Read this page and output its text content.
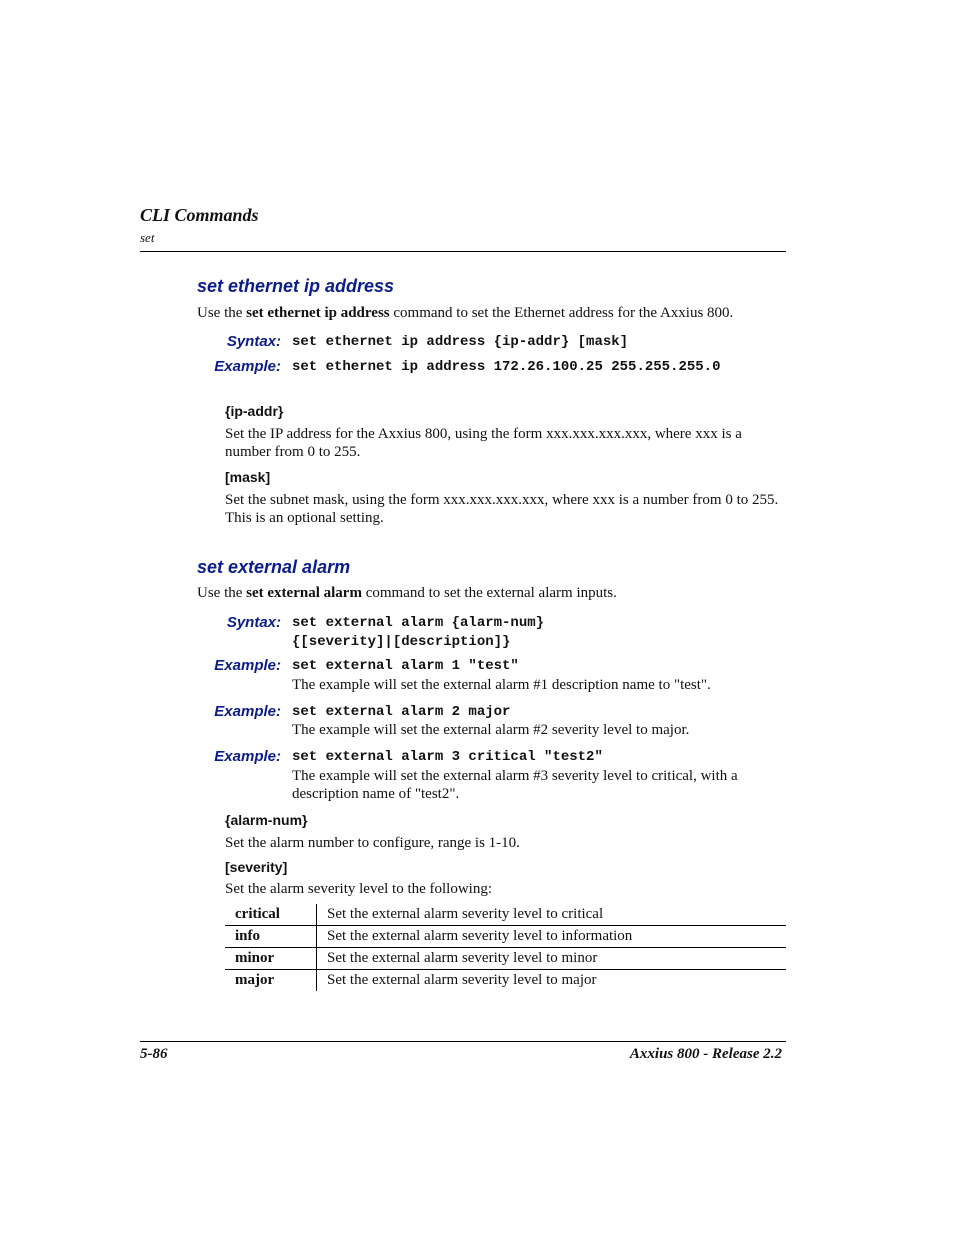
CLI Commands
set
set ethernet ip address
Use the set ethernet ip address command to set the Ethernet address for the Axxius 800.
Syntax: set ethernet ip address {ip-addr} [mask]
Example: set ethernet ip address 172.26.100.25 255.255.255.0
{ip-addr}
Set the IP address for the Axxius 800, using the form xxx.xxx.xxx.xxx, where xxx is a
number from 0 to 255.
[mask]
Set the subnet mask, using the form xxx.xxx.xxx.xxx, where xxx is a number from 0 to 255.
This is an optional setting.
set external alarm
Use the set external alarm command to set the external alarm inputs.
Syntax: set external alarm {alarm-num}
{[severity]|[description]}
Example: set external alarm 1 "test"
The example will set the external alarm #1 description name to "test".
Example: set external alarm 2 major
The example will set the external alarm #2 severity level to major.
Example: set external alarm 3 critical "test2"
The example will set the external alarm #3 severity level to critical, with a
description name of "test2".
{alarm-num}
Set the alarm number to configure, range is 1-10.
[severity]
Set the alarm severity level to the following:
critical	Set the external alarm severity level to critical
info	Set the external alarm severity level to information
minor	Set the external alarm severity level to minor
major	Set the external alarm severity level to major
5-86	Axxius 800 - Release 2.2
